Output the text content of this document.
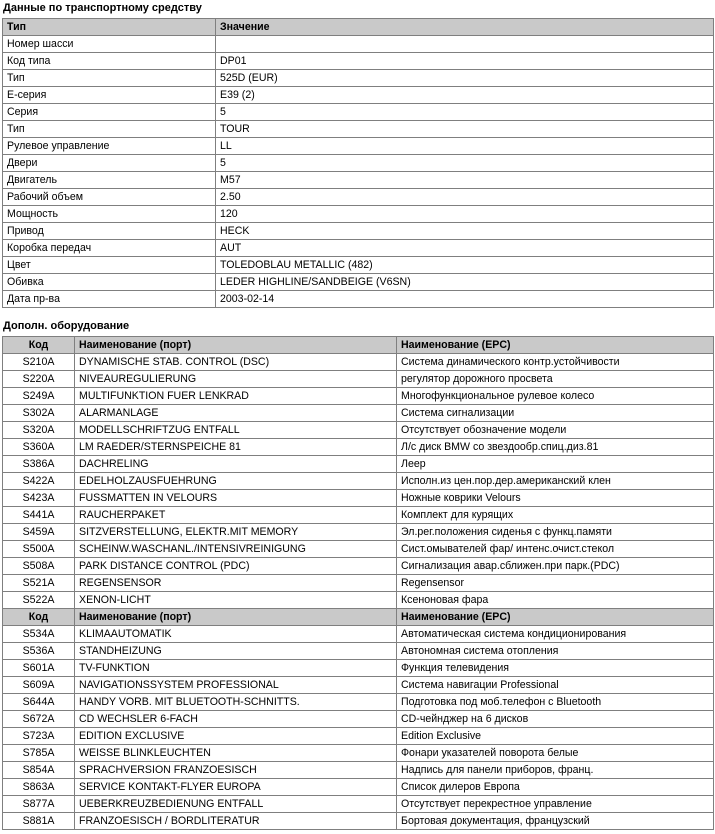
Данные по транспортному средству
Тип	Значение
Номер шасси	
Код типа	DP01
Тип	525D (EUR)
E-серия	E39 (2)
Серия	5
Тип	TOUR
Рулевое управление	LL
Двери	5
Двигатель	M57
Рабочий объем	2.50
Мощность	120
Привод	HECK
Коробка передач	AUT
Цвет	TOLEDOBLAU METALLIC (482)
Обивка	LEDER HIGHLINE/SANDBEIGE (V6SN)
Дата пр-ва	2003-02-14
Дополн. оборудование
Код	Наименование (порт)	Наименование (EPC)
S210A	DYNAMISCHE STAB. CONTROL (DSC)	Система динамического контр.устойчивости
S220A	NIVEAUREGULIERUNG	регулятор дорожного просвета
S249A	MULTIFUNKTION FUER LENKRAD	Многофункциональное рулевое колесо
S302A	ALARMANLAGE	Система сигнализации
S320A	MODELLSCHRIFTZUG ENTFALL	Отсутствует обозначение модели
S360A	LM RAEDER/STERNSPEICHE 81	Л/с диск BMW со звездообр.спиц.диз.81
S386A	DACHRELING	Леер
S422A	EDELHOLZAUSFUEHRUNG	Исполн.из цен.пор.дер.американский клен
S423A	FUSSMATTEN IN VELOURS	Ножные коврики Velours
S441A	RAUCHERPAKET	Комплект для курящих
S459A	SITZVERSTELLUNG, ELEKTR.MIT MEMORY	Эл.рег.положения сиденья с функц.памяти
S500A	SCHEINW.WASCHANL./INTENSIVREINIGUNG	Сист.омывателей фар/ интенс.очист.стекол
S508A	PARK DISTANCE CONTROL (PDC)	Сигнализация авар.сближен.при парк.(PDC)
S521A	REGENSENSOR	Regensensor
S522A	XENON-LICHT	Ксеноновая фара
Код	Наименование (порт)	Наименование (EPC)
S534A	KLIMAAUTOMATIK	Автоматическая система кондиционирования
S536A	STANDHEIZUNG	Автономная система отопления
S601A	TV-FUNKTION	Функция телевидения
S609A	NAVIGATIONSSYSTEM PROFESSIONAL	Система навигации Professional
S644A	HANDY VORB. MIT BLUETOOTH-SCHNITTS.	Подготовка под моб.телефон с Bluetooth
S672A	CD WECHSLER 6-FACH	CD-чейнджер на 6 дисков
S723A	EDITION EXCLUSIVE	Edition Exclusive
S785A	WEISSE BLINKLEUCHTEN	Фонари указателей поворота белые
S854A	SPRACHVERSION FRANZOESISCH	Надпись для панели приборов, франц.
S863A	SERVICE KONTAKT-FLYER EUROPA	Список дилеров Европа
S877A	UEBERKREUZBEDIENUNG ENTFALL	Отсутствует перекрестное управление
S881A	FRANZOESISCH / BORDLITERATUR	Бортовая документация, французский
